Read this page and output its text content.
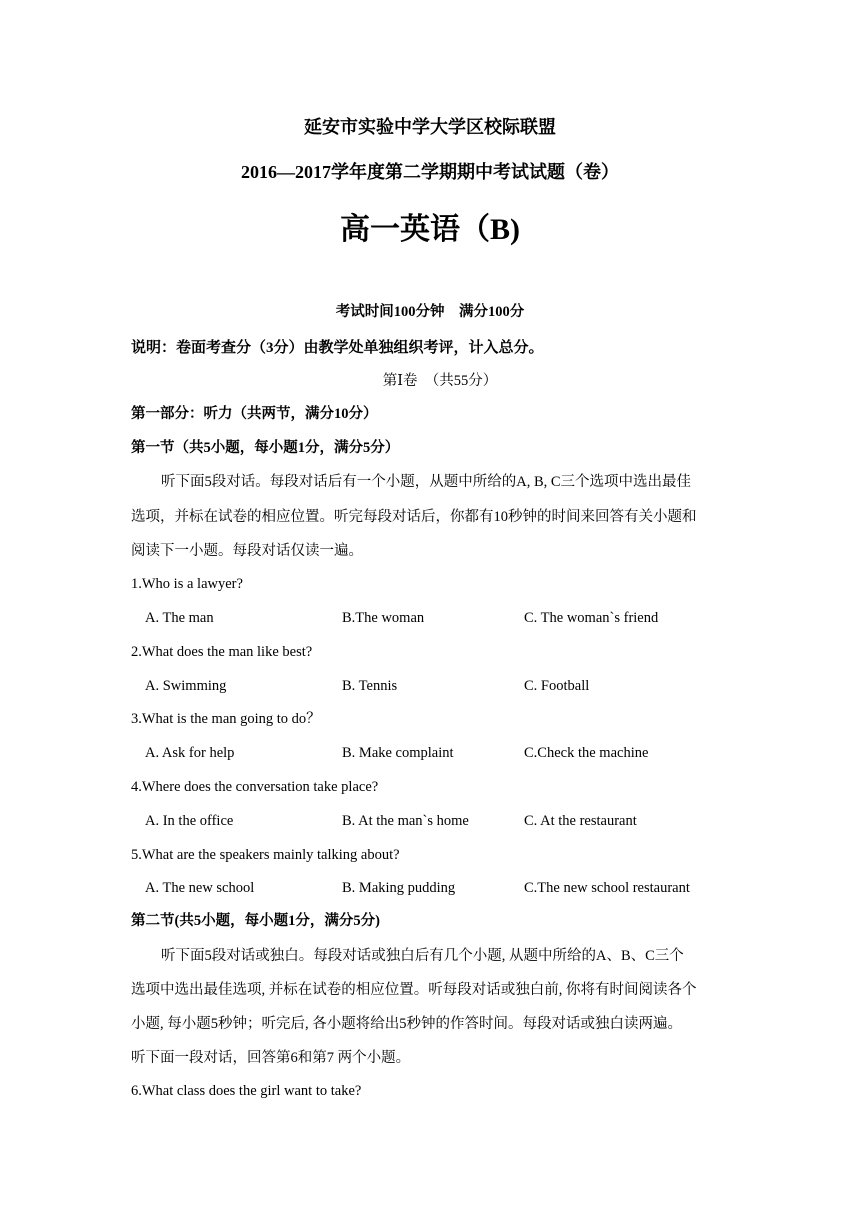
延安市实验中学大学区校际联盟
2016—2017学年度第二学期期中考试试题（卷）
高一英语（B)
考试时间100分钟　满分100分
说明：卷面考查分（3分）由教学处单独组织考评，计入总分。
第Ⅰ卷　（共55分）
第一部分：听力（共两节，满分10分）
第一节（共5小题，每小题1分，满分5分）
听下面5段对话。每段对话后有一个小题，从题中所给的A, B, C三个选项中选出最佳
选项，并标在试卷的相应位置。听完每段对话后，你都有10秒钟的时间来回答有关小题和
阅读下一小题。每段对话仅读一遍。
1.Who is a lawyer?
A. The man	B.The woman	C. The woman`s friend
2.What does the man like best?
A. Swimming	B. Tennis	C. Football
3.What is the man going to do？
A. Ask for help	B. Make complaint	C.Check the machine
4.Where does the conversation take place?
A. In the office	B. At the man`s home	C. At the restaurant
5.What are the speakers mainly talking about?
A. The new school	B. Making pudding	C.The new school restaurant
第二节(共5小题，每小题1分，满分5分)
听下面5段对话或独白。每段对话或独白后有几个小题, 从题中所给的A、B、C三个
选项中选出最佳选项, 并标在试卷的相应位置。听每段对话或独白前, 你将有时间阅读各个
小题, 每小题5秒钟；听完后, 各小题将给出5秒钟的作答时间。每段对话或独白读两遍。
听下面一段对话，回答第6和第7 两个小题。
6.What class does the girl want to take?
